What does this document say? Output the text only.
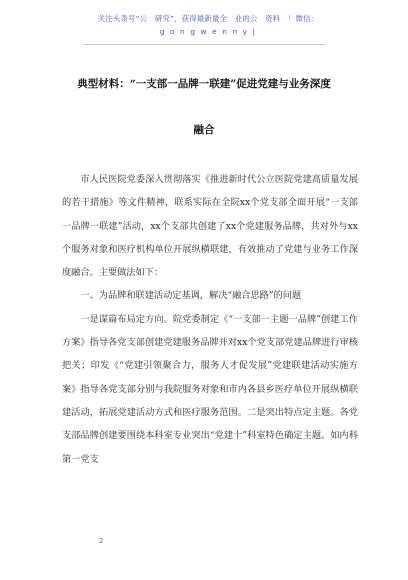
关注头条号“公　研究”，获得最新最全　业的公　资料　！微信：
g o n g w e n n y j
典型材料：“一支部一品牌一联建”促进党建与业务深度
融合

市人民医院党委深入贯彻落实《推进新时代公立医院党建高质量发展的若干措施》等文件精神，联系实际在全院xx个党支部全面开展“一支部一品牌一联建”活动，xx个支部共创建了xx个党建服务品牌，共对外与xx个服务对象和医疗机构单位开展纵横联建，有效推动了党建与业务工作深度融合。主要做法如下：

一、为品牌和联建活动定基调，解决“融合思路”的问题

一是谋篇布局定方向。院党委制定《“一支部一主题一品牌”创建工作方案》指导各党支部创建党建服务品牌并对xx个党支部党建品牌进行审核把关；印发《“党建引领聚合力，服务人才促发展”党建联建活动实施方案》指导各党支部分别与我院服务对象和市内各县乡医疗单位开展纵横联建活动，拓展党建活动方式和医疗服务范围。二是突出特点定主题。各党支部品牌创建要围绕本科室专业突出“党建十”科室特色确定主题。如内科第一党支

2
